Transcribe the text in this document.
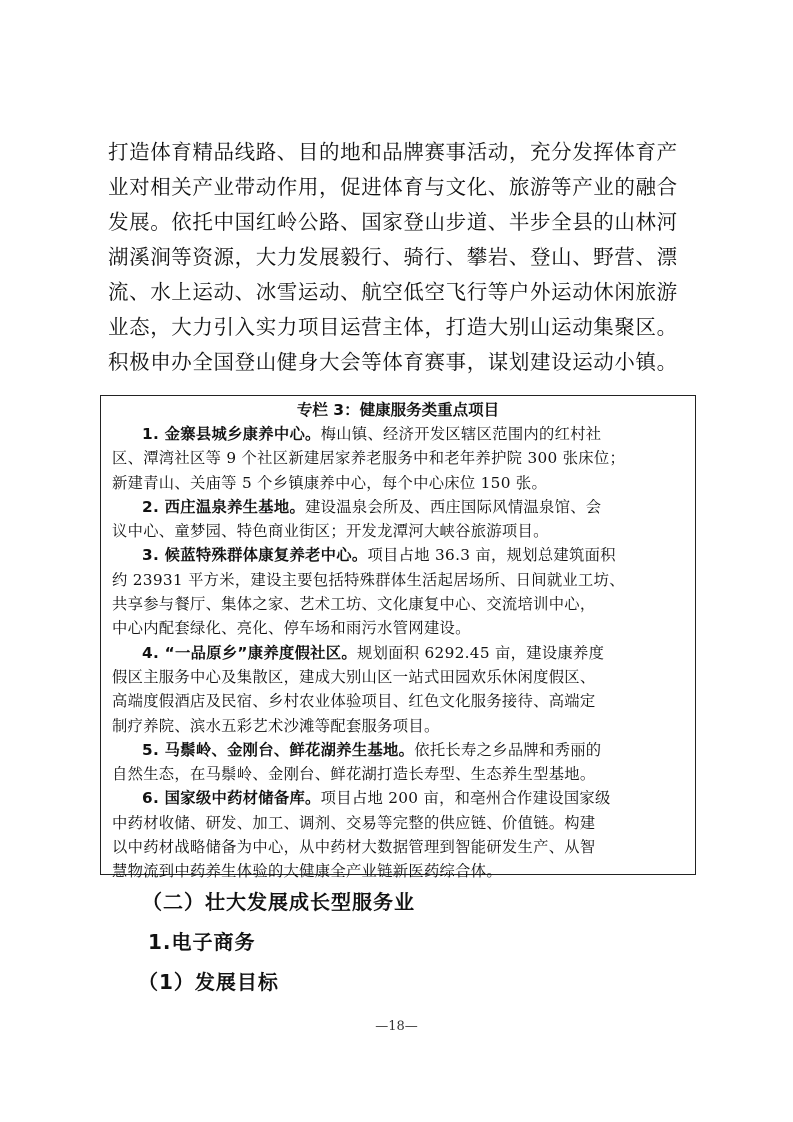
打造体育精品线路、目的地和品牌赛事活动，充分发挥体育产
业对相关产业带动作用，促进体育与文化、旅游等产业的融合
发展。依托中国红岭公路、国家登山步道、半步全县的山林河
湖溪涧等资源，大力发展毅行、骑行、攀岩、登山、野营、漂
流、水上运动、冰雪运动、航空低空飞行等户外运动休闲旅游
业态，大力引入实力项目运营主体，打造大别山运动集聚区。
积极申办全国登山健身大会等体育赛事，谋划建设运动小镇。
专栏 3：健康服务类重点项目
1. 金寨县城乡康养中心。梅山镇、经济开发区辖区范围内的红村社
区、潭湾社区等 9 个社区新建居家养老服务中和老年养护院 300 张床位；
新建青山、关庙等 5 个乡镇康养中心，每个中心床位 150 张。
2. 西庄温泉养生基地。建设温泉会所及、西庄国际风情温泉馆、会
议中心、童梦园、特色商业街区；开发龙潭河大峡谷旅游项目。
3. 候蓝特殊群体康复养老中心。项目占地 36.3 亩，规划总建筑面积
约 23931 平方米，建设主要包括特殊群体生活起居场所、日间就业工坊、
共享参与餐厅、集体之家、艺术工坊、文化康复中心、交流培训中心，
中心内配套绿化、亮化、停车场和雨污水管网建设。
4. “一品原乡”康养度假社区。规划面积 6292.45 亩，建设康养度
假区主服务中心及集散区，建成大别山区一站式田园欢乐休闲度假区、
高端度假酒店及民宿、乡村农业体验项目、红色文化服务接待、高端定
制疗养院、滨水五彩艺术沙滩等配套服务项目。
5. 马鬃岭、金刚台、鲜花湖养生基地。依托长寿之乡品牌和秀丽的
自然生态，在马鬃岭、金刚台、鲜花湖打造长寿型、生态养生型基地。
6. 国家级中药材储备库。项目占地 200 亩，和亳州合作建设国家级
中药材收储、研发、加工、调剂、交易等完整的供应链、价值链。构建
以中药材战略储备为中心，从中药材大数据管理到智能研发生产、从智
慧物流到中药养生体验的大健康全产业链新医药综合体。
（二）壮大发展成长型服务业
1.电子商务
（1）发展目标
—18—
